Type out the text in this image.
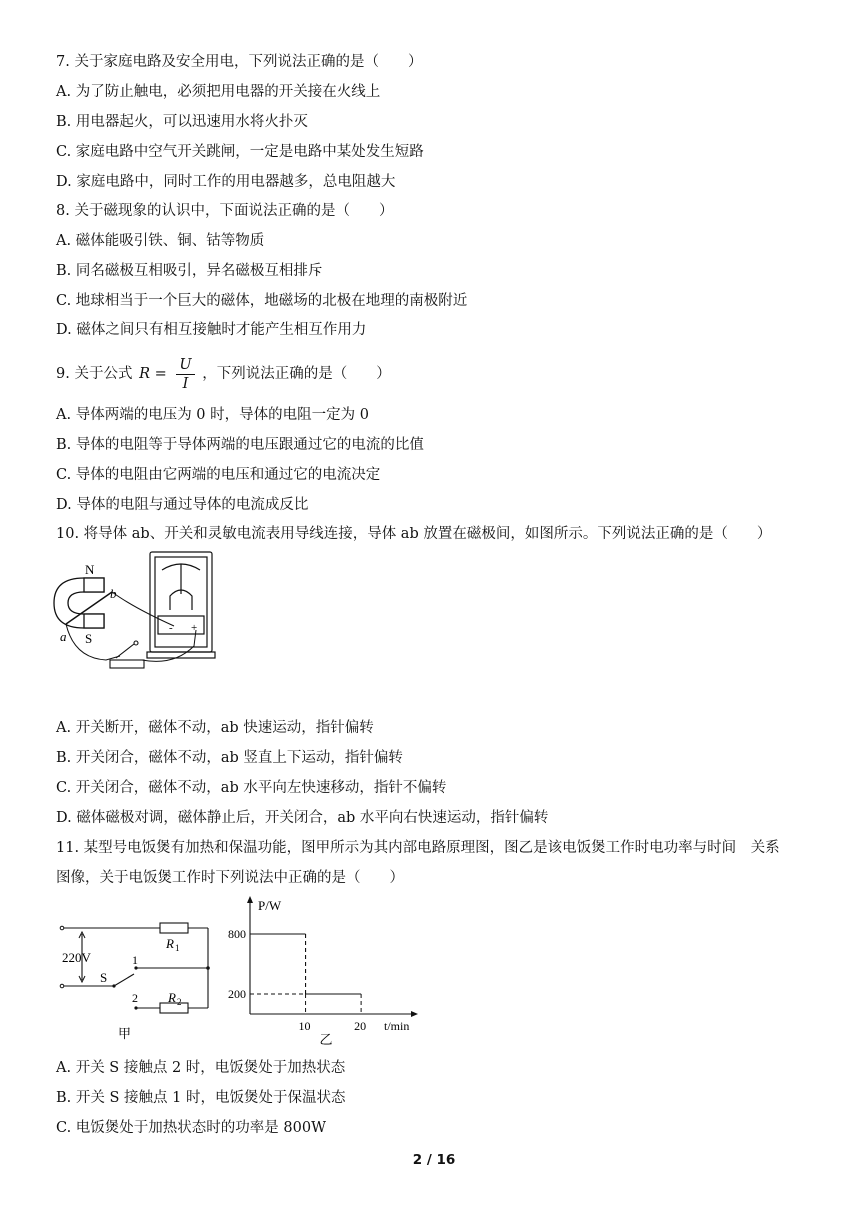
7. 关于家庭电路及安全用电，下列说法正确的是（　　）
A. 为了防止触电，必须把用电器的开关接在火线上
B. 用电器起火，可以迅速用水将火扑灭
C. 家庭电路中空气开关跳闸，一定是电路中某处发生短路
D. 家庭电路中，同时工作的用电器越多，总电阻越大
8. 关于磁现象的认识中，下面说法正确的是（　　）
A. 磁体能吸引铁、铜、钴等物质
B. 同名磁极互相吸引，异名磁极互相排斥
C. 地球相当于一个巨大的磁体，地磁场的北极在地理的南极附近
D. 磁体之间只有相互接触时才能产生相互作用力
9. 关于公式 $R = \frac{U}{I}$ ，下列说法正确的是（　　）
A. 导体两端的电压为 0 时，导体的电阻一定为 0
B. 导体的电阻等于导体两端的电压跟通过它的电流的比值
C. 导体的电阻由它两端的电压和通过它的电流决定
D. 导体的电阻与通过导体的电流成反比
10. 将导体 ab、开关和灵敏电流表用导线连接，导体 ab 放置在磁极间，如图所示。下列说法正确的是（　　）
N
S
a
b
- +
A. 开关断开，磁体不动，ab 快速运动，指针偏转
B. 开关闭合，磁体不动，ab 竖直上下运动，指针偏转
C. 开关闭合，磁体不动，ab 水平向左快速移动，指针不偏转
D. 磁体磁极对调，磁体静止后，开关闭合，ab 水平向右快速运动，指针偏转
11. 某型号电饭煲有加热和保温功能，图甲所示为其内部电路原理图，图乙是该电饭煲工作时电功率与时间　关系
图像，关于电饭煲工作时下列说法中正确的是（　　）
220V
R 1
R 2
S
1
2
甲	10	20
200
800
P/W
t/min
乙
A. 开关 S 接触点 2 时，电饭煲处于加热状态
B. 开关 S 接触点 1 时，电饭煲处于保温状态
C. 电饭煲处于加热状态时的功率是 800W
2 / 16
